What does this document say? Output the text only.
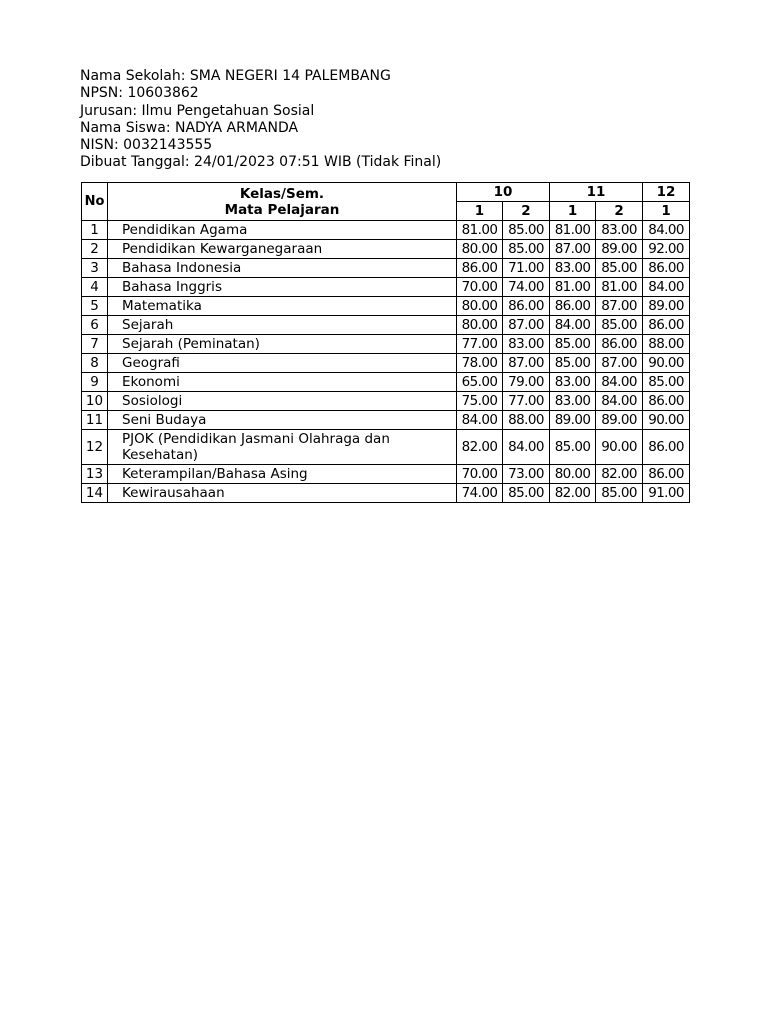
Nama Sekolah: SMA NEGERI 14 PALEMBANG
NPSN: 10603862
Jurusan: Ilmu Pengetahuan Sosial
Nama Siswa: NADYA ARMANDA
NISN: 0032143555
Dibuat Tanggal: 24/01/2023 07:51 WIB (Tidak Final)
No	Kelas/Sem.
Mata Pelajaran	10		11		12
		1	2	1	2	1
1	Pendidikan Agama	81.00	85.00	81.00	83.00	84.00
2	Pendidikan Kewarganegaraan	80.00	85.00	87.00	89.00	92.00
3	Bahasa Indonesia	86.00	71.00	83.00	85.00	86.00
4	Bahasa Inggris	70.00	74.00	81.00	81.00	84.00
5	Matematika	80.00	86.00	86.00	87.00	89.00
6	Sejarah	80.00	87.00	84.00	85.00	86.00
7	Sejarah (Peminatan)	77.00	83.00	85.00	86.00	88.00
8	Geografi	78.00	87.00	85.00	87.00	90.00
9	Ekonomi	65.00	79.00	83.00	84.00	85.00
10	Sosiologi	75.00	77.00	83.00	84.00	86.00
11	Seni Budaya	84.00	88.00	89.00	89.00	90.00
12	PJOK (Pendidikan Jasmani Olahraga dan Kesehatan)	82.00	84.00	85.00	90.00	86.00
13	Keterampilan/Bahasa Asing	70.00	73.00	80.00	82.00	86.00
14	Kewirausahaan	74.00	85.00	82.00	85.00	91.00
